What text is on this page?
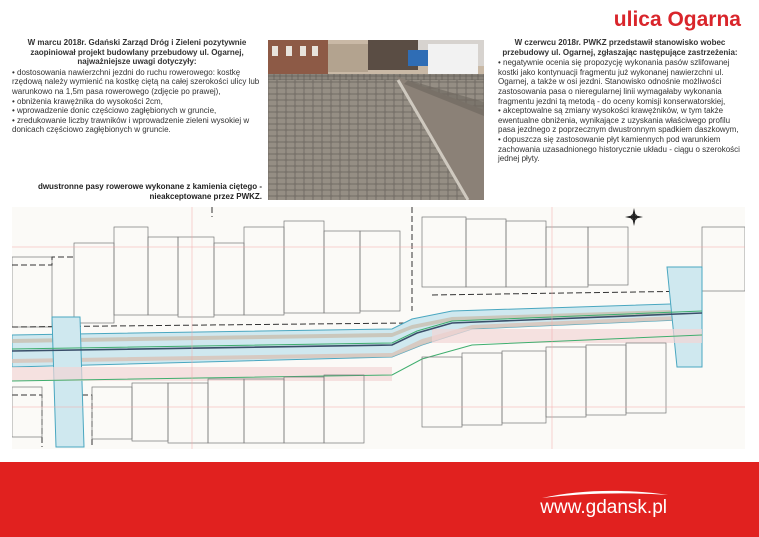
ulica Ogarna
W marcu 2018r. Gdański Zarząd Dróg i Zieleni pozytywnie zaopiniował projekt budowlany przebudowy ul. Ogarnej, najważniejsze uwagi dotyczyły:
• dostosowania nawierzchni jezdni do ruchu rowerowego: kostkę rzędową należy wymienić na kostkę ciętą na całej szerokości ulicy lub warunkowo na 1,5m pasa rowerowego (zdjęcie po prawej),
• obniżenia krawężnika do wysokości 2cm,
• wprowadzenie donic częściowo zagłębionych w gruncie,
• zredukowanie liczby trawników i wprowadzenie zieleni wysokiej w donicach częściowo zagłębionych w gruncie.
dwustronne pasy rowerowe wykonane z kamienia ciętego - nieakceptowane przez PWKZ.
W czerwcu 2018r. PWKZ przedstawił stanowisko wobec przebudowy ul. Ogarnej, zgłaszając następujące zastrzeżenia:
• negatywnie ocenia się propozycję wykonania pasów szlifowanej kostki jako kontynuacji fragmentu już wykonanej nawierzchni ul. Ogarnej, a także w osi jezdni. Stanowisko odnośnie możliwości zastosowania pasa o nieregularnej linii wymagałaby wykonania fragmentu jezdni tą metodą - do oceny komisji konserwatorskiej,
• akceptowalne są zmiany wysokości krawężników, w tym także ewentualne obniżenia, wynikające z uzyskania właściwego profilu pasa jezdnego z poprzecznym dwustronnym spadkiem daszkowym,
• dopuszcza się zastosowanie płyt kamiennych pod warunkiem zachowania uzasadnionego historycznie układu - ciągu o szerokości jednej płyty.
www.gdansk.pl
